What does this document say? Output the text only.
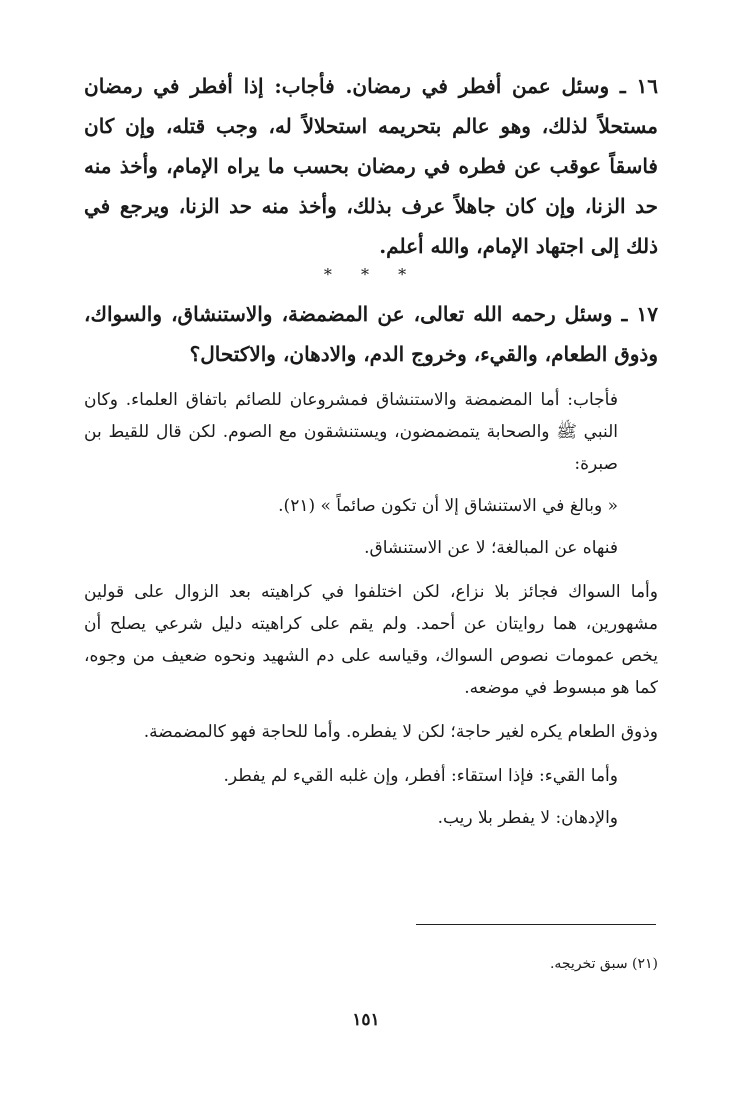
١٦ ـ وسئل عمن أفطر في رمضان. فأجاب: إذا أفطر في رمضان مستحلاً لذلك، وهو عالم بتحريمه استحلالاً له، وجب قتله، وإن كان فاسقاً عوقب عن فطره في رمضان بحسب ما يراه الإمام، وأخذ منه حد الزنا، وإن كان جاهلاً عرف بذلك، وأخذ منه حد الزنا، ويرجع في ذلك إلى اجتهاد الإمام، والله أعلم.

* * *

١٧ ـ وسئل رحمه الله تعالى، عن المضمضة، والاستنشاق، والسواك، وذوق الطعام، والقيء، وخروج الدم، والادهان، والاكتحال؟

فأجاب: أما المضمضة والاستنشاق فمشروعان للصائم باتفاق العلماء. وكان النبي ﷺ والصحابة يتمضمضون، ويستنشقون مع الصوم. لكن قال للقيط بن صبرة:

« وبالغ في الاستنشاق إلا أن تكون صائماً » (٢١).

فنهاه عن المبالغة؛ لا عن الاستنشاق.

وأما السواك فجائز بلا نزاع، لكن اختلفوا في كراهيته بعد الزوال على قولين مشهورين، هما روايتان عن أحمد. ولم يقم على كراهيته دليل شرعي يصلح أن يخص عمومات نصوص السواك، وقياسه على دم الشهيد ونحوه ضعيف من وجوه، كما هو مبسوط في موضعه.

وذوق الطعام يكره لغير حاجة؛ لكن لا يفطره. وأما للحاجة فهو كالمضمضة.

وأما القيء: فإذا استقاء: أفطر، وإن غلبه القيء لم يفطر.

والإدهان: لا يفطر بلا ريب.

(٢١) سبق تخريجه.
١٥١
